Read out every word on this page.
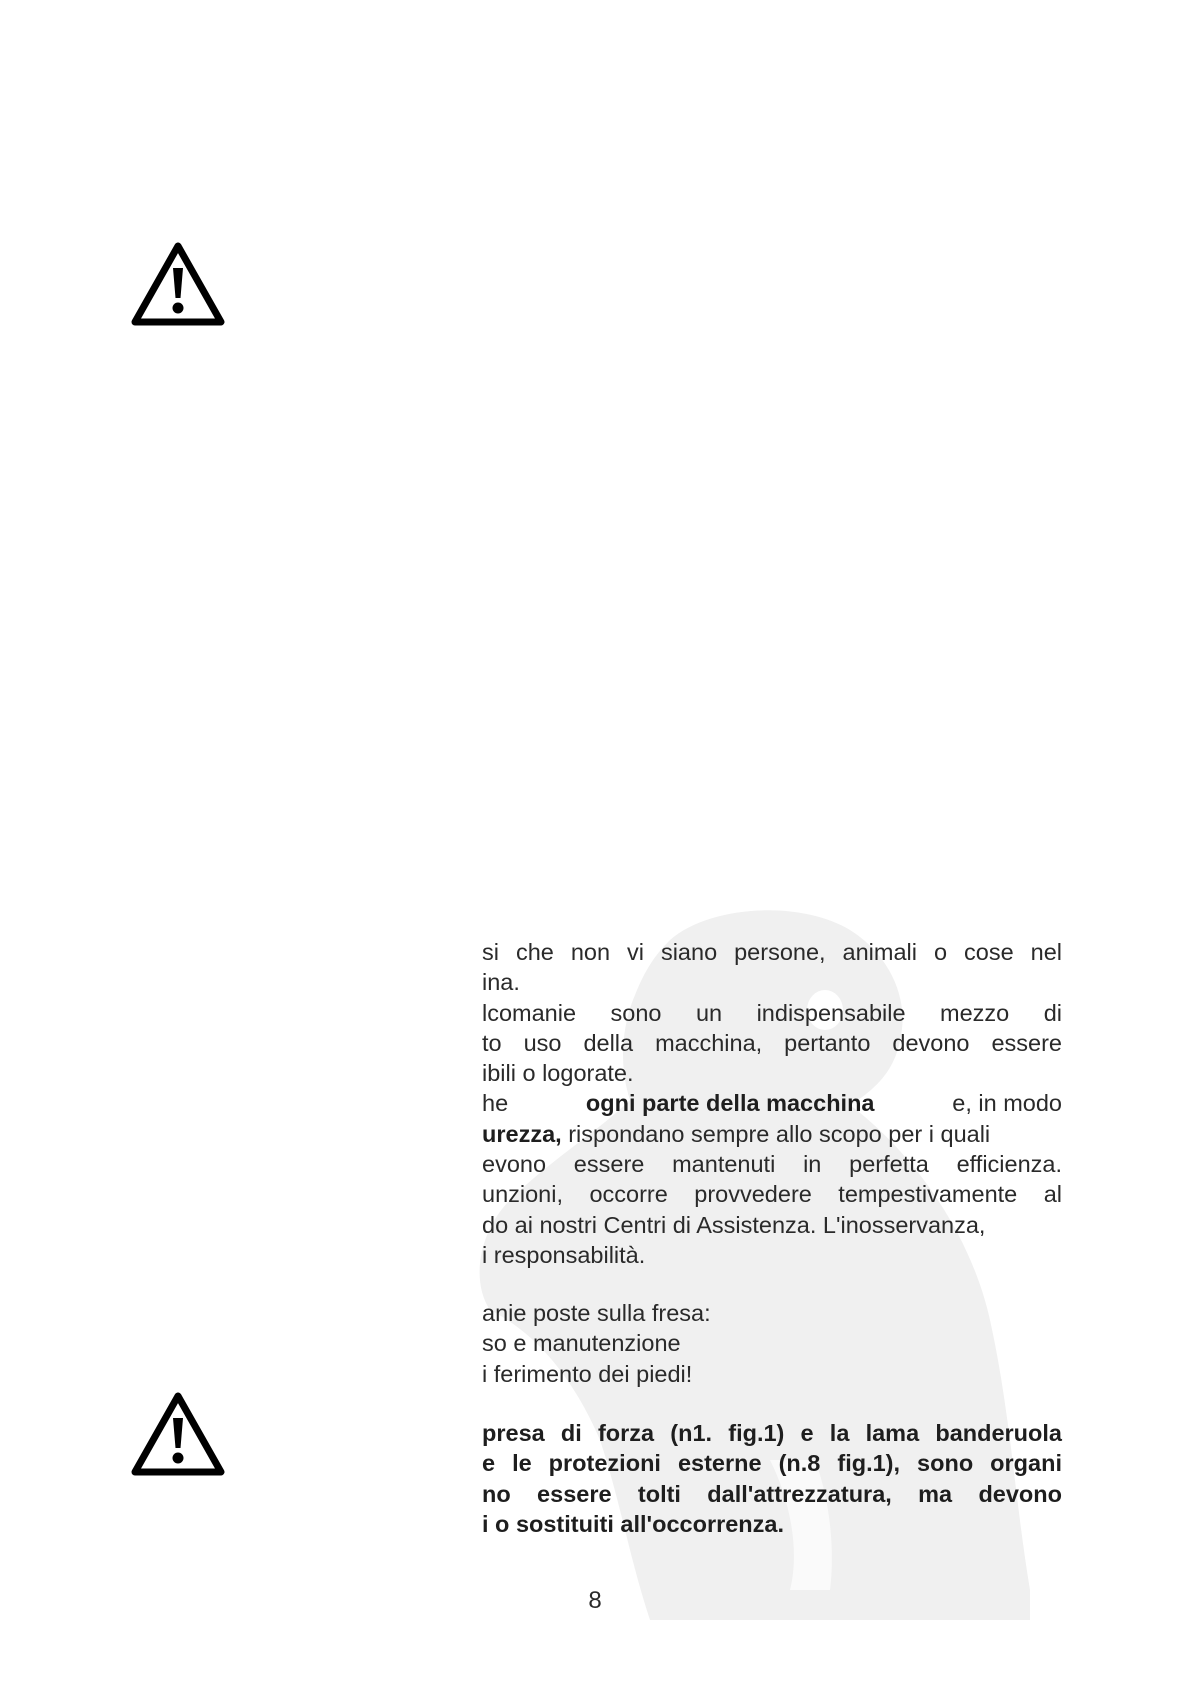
si che non vi siano persone, animali o cose nel
ina.
lcomanie sono un indispensabile mezzo di
to uso della macchina, pertanto devono essere
ibili o logorate.
he	ogni parte della macchina	e, in modo
urezza, rispondano sempre allo scopo per i quali
evono essere mantenuti in perfetta efficienza.
unzioni, occorre provvedere tempestivamente al
do ai nostri Centri di Assistenza. L'inosservanza,
i responsabilità.
anie poste sulla fresa:
so e manutenzione
i ferimento dei piedi!
presa di forza (n1. fig.1) e la lama banderuola
e le protezioni esterne (n.8 fig.1), sono organi
no essere tolti dall'attrezzatura, ma devono
i o sostituiti all'occorrenza.
8
